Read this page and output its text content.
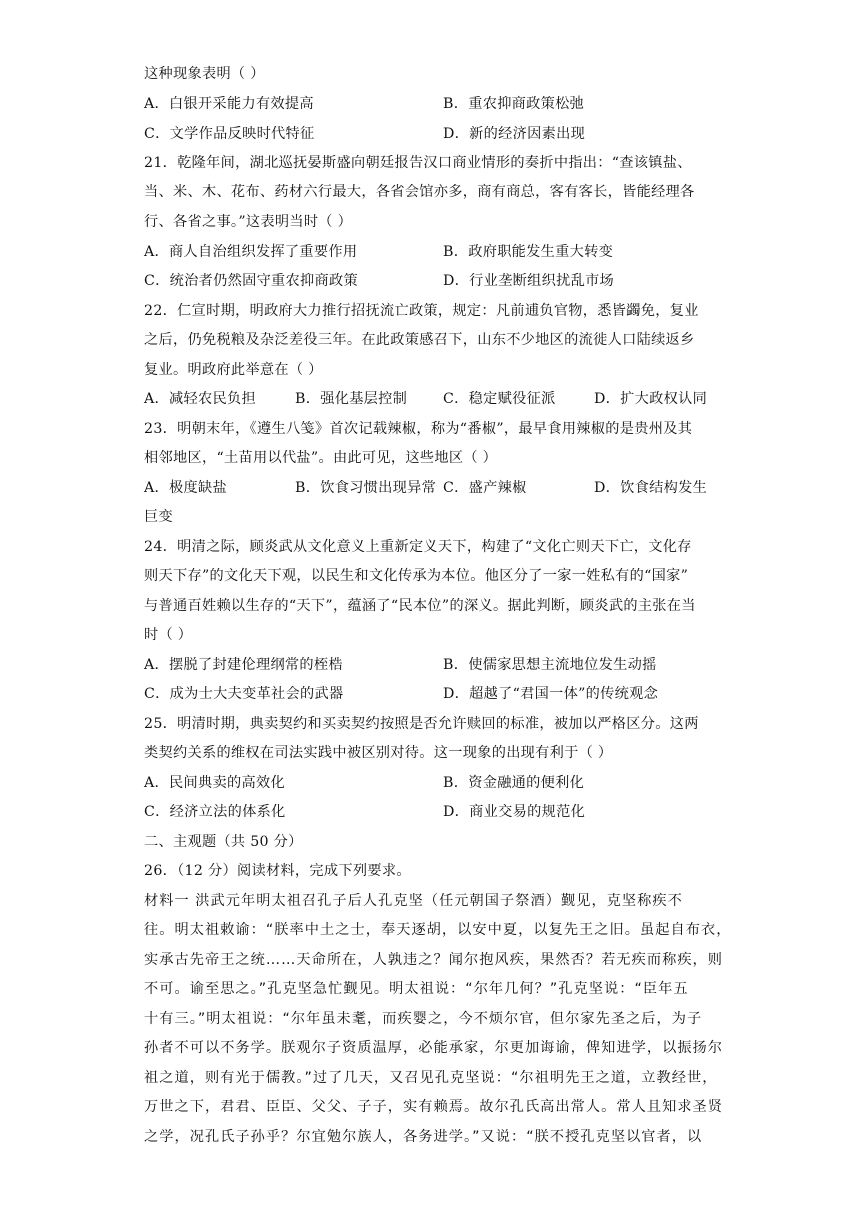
这种现象表明（ ）
A．白银开采能力有效提高	B．重农抑商政策松弛
C．文学作品反映时代特征	D．新的经济因素出现
21．乾隆年间，湖北巡抚晏斯盛向朝廷报告汉口商业情形的奏折中指出：“查该镇盐、
当、米、木、花布、药材六行最大，各省会馆亦多，商有商总，客有客长，皆能经理各
行、各省之事。”这表明当时（ ）
A．商人自治组织发挥了重要作用	B．政府职能发生重大转变
C．统治者仍然固守重农抑商政策	D．行业垄断组织扰乱市场
22．仁宣时期，明政府大力推行招抚流亡政策，规定：凡前逋负官物，悉皆蠲免，复业
之后，仍免税粮及杂泛差役三年。在此政策感召下，山东不少地区的流徙人口陆续返乡
复业。明政府此举意在（ ）
A．减轻农民负担	B．强化基层控制	C．稳定赋役征派	D．扩大政权认同
23．明朝末年，《遵生八笺》首次记载辣椒，称为“番椒”，最早食用辣椒的是贵州及其
相邻地区，“土苗用以代盐”。由此可见，这些地区（ ）
A．极度缺盐	B．饮食习惯出现异常 C．盛产辣椒	D．饮食结构发生
巨变
24．明清之际，顾炎武从文化意义上重新定义天下，构建了“文化亡则天下亡，文化存
则天下存”的文化天下观，以民生和文化传承为本位。他区分了一家一姓私有的“国家”
与普通百姓赖以生存的“天下”，蕴涵了“民本位”的深义。据此判断，顾炎武的主张在当
时（ ）
A．摆脱了封建伦理纲常的桎梏	B．使儒家思想主流地位发生动摇
C．成为士大夫变革社会的武器	D．超越了“君国一体”的传统观念
25．明清时期，典卖契约和买卖契约按照是否允许赎回的标准，被加以严格区分。这两
类契约关系的维权在司法实践中被区别对待。这一现象的出现有利于（ ）
A．民间典卖的高效化	B．资金融通的便利化
C．经济立法的体系化	D．商业交易的规范化
二、主观题（共 50 分）
26．（12 分）阅读材料，完成下列要求。
材料一 洪武元年明太祖召孔子后人孔克坚（任元朝国子祭酒）觐见，克坚称疾不
往。明太祖敕谕：“朕率中土之士，奉天逐胡，以安中夏，以复先王之旧。虽起自布衣，
实承古先帝王之统……天命所在，人孰违之？闻尔抱风疾，果然否？若无疾而称疾，则
不可。谕至思之。”孔克坚急忙觐见。明太祖说：“尔年几何？”孔克坚说：“臣年五
十有三。”明太祖说：“尔年虽未耄，而疾婴之，今不烦尔官，但尔家先圣之后，为子
孙者不可以不务学。朕观尔子资质温厚，必能承家，尔更加诲谕，俾知进学，以振扬尔
祖之道，则有光于儒教。”过了几天，又召见孔克坚说：“尔祖明先王之道，立教经世，
万世之下，君君、臣臣、父父、子子，实有赖焉。故尔孔氏高出常人。常人且知求圣贤
之学，况孔氏子孙乎？尔宜勉尔族人，各务进学。”又说：“朕不授孔克坚以官者，以
